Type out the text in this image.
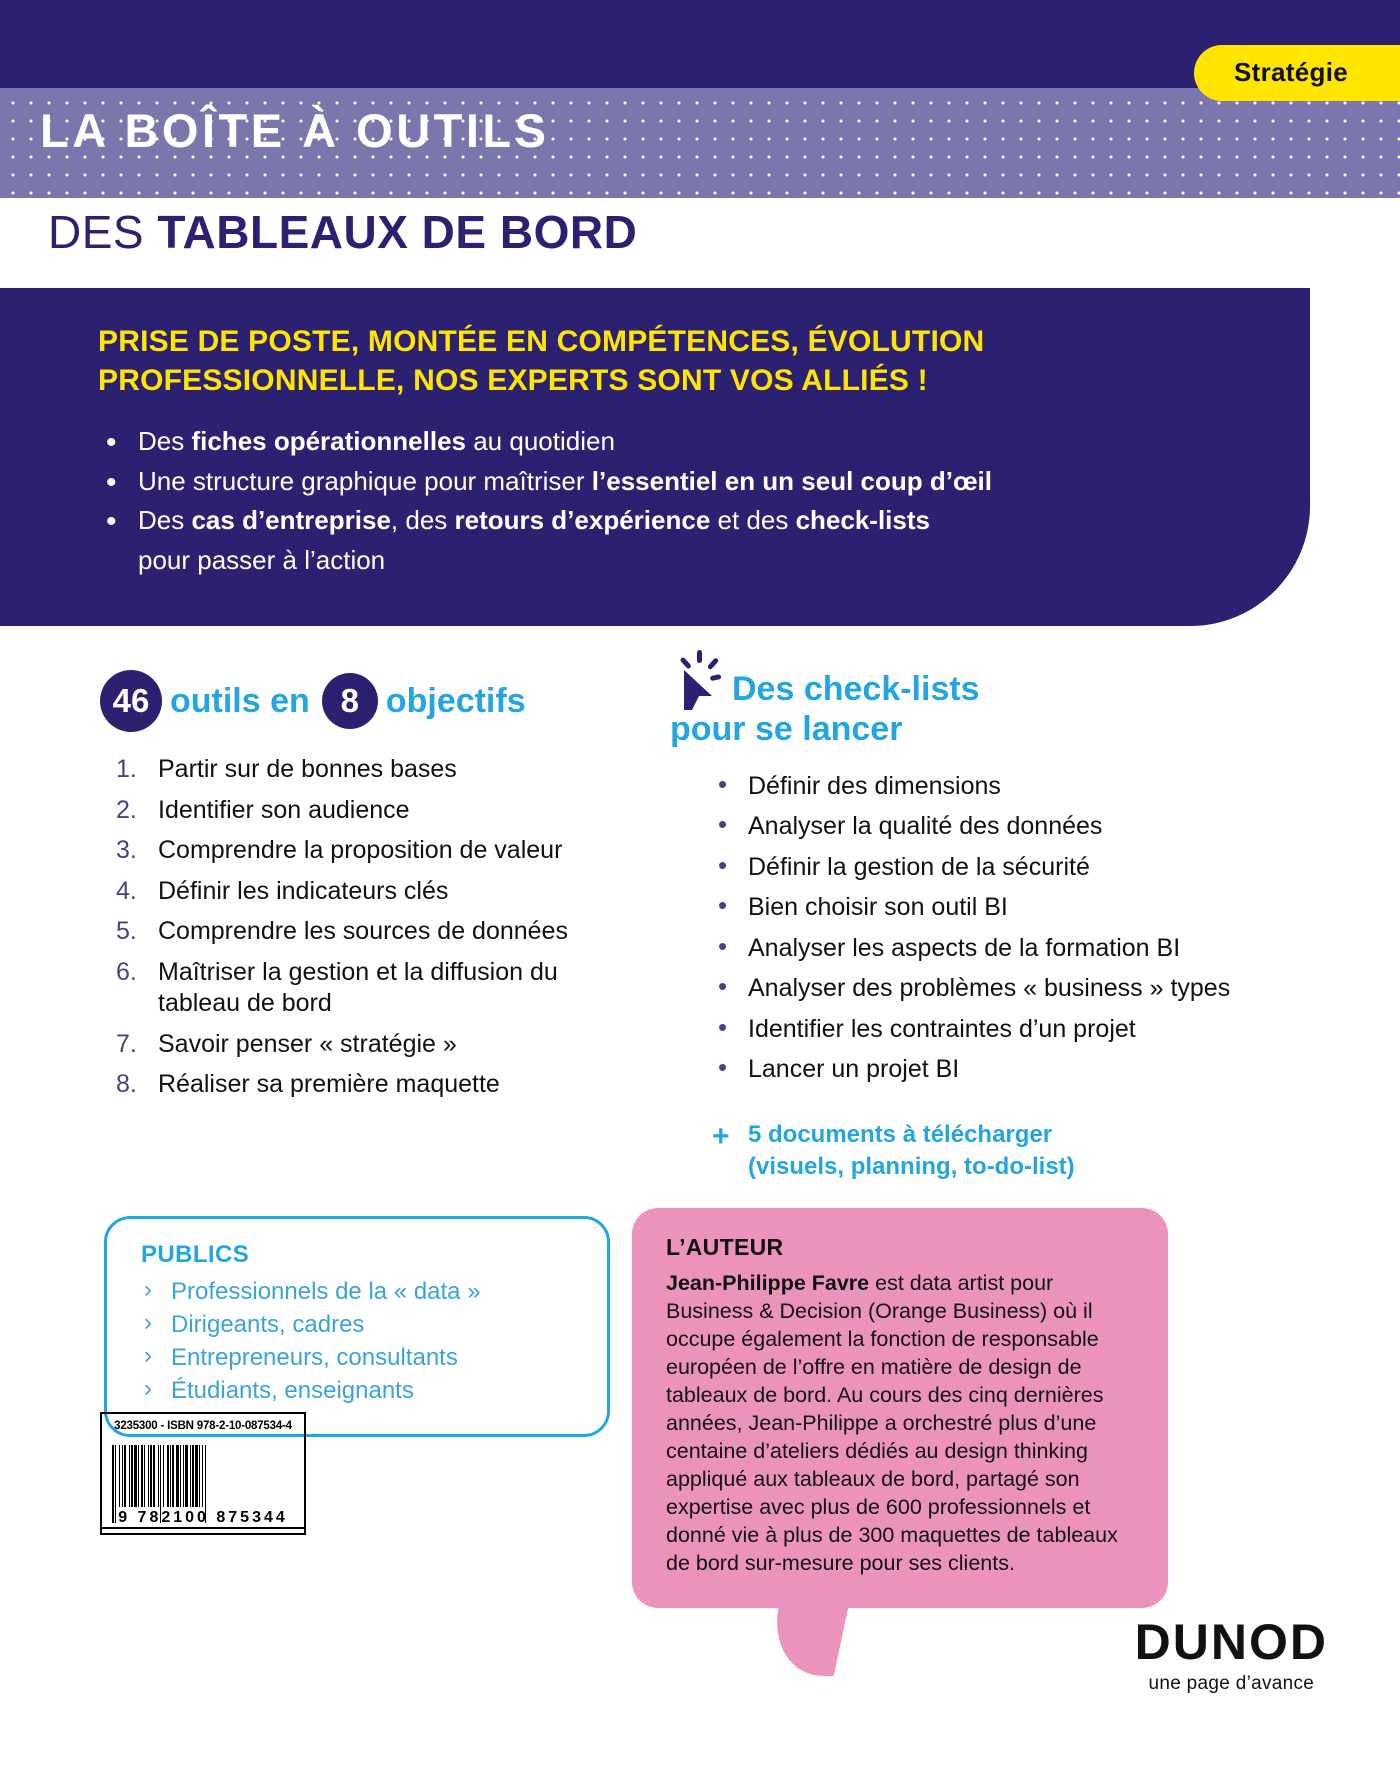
Stratégie
LA BOÎTE À OUTILS
DES TABLEAUX DE BORD
PRISE DE POSTE, MONTÉE EN COMPÉTENCES, ÉVOLUTION
PROFESSIONNELLE, NOS EXPERTS SONT VOS ALLIÉS !
• Des fiches opérationnelles au quotidien
• Une structure graphique pour maîtriser l’essentiel en un seul coup d’œil
• Des cas d’entreprise, des retours d’expérience et des check-lists
pour passer à l’action
46 outils en 8 objectifs
Partir sur de bonnes bases
Identifier son audience
Comprendre la proposition de valeur
Définir les indicateurs clés
Comprendre les sources de données
Maîtriser la gestion et la diffusion du tableau de bord
Savoir penser « stratégie »
Réaliser sa première maquette
Des check-lists
pour se lancer
• Définir des dimensions
• Analyser la qualité des données
• Définir la gestion de la sécurité
• Bien choisir son outil BI
• Analyser les aspects de la formation BI
• Analyser des problèmes « business » types
• Identifier les contraintes d’un projet
• Lancer un projet BI
+ 5 documents à télécharger
(visuels, planning, to-do-list)
PUBLICS
› Professionnels de la « data »
› Dirigeants, cadres
› Entrepreneurs, consultants
› Étudiants, enseignants
L’AUTEUR
Jean-Philippe Favre est data artist pour Business & Decision (Orange Business) où il occupe également la fonction de responsable européen de l’offre en matière de design de tableaux de bord. Au cours des cinq dernières années, Jean-Philippe a orchestré plus d’une centaine d’ateliers dédiés au design thinking appliqué aux tableaux de bord, partagé son expertise avec plus de 600 professionnels et donné vie à plus de 300 maquettes de tableaux de bord sur-mesure pour ses clients.
3235300 - ISBN 978-2-10-087534-4
9 782100 875344
DUNOD
une page d’avance
